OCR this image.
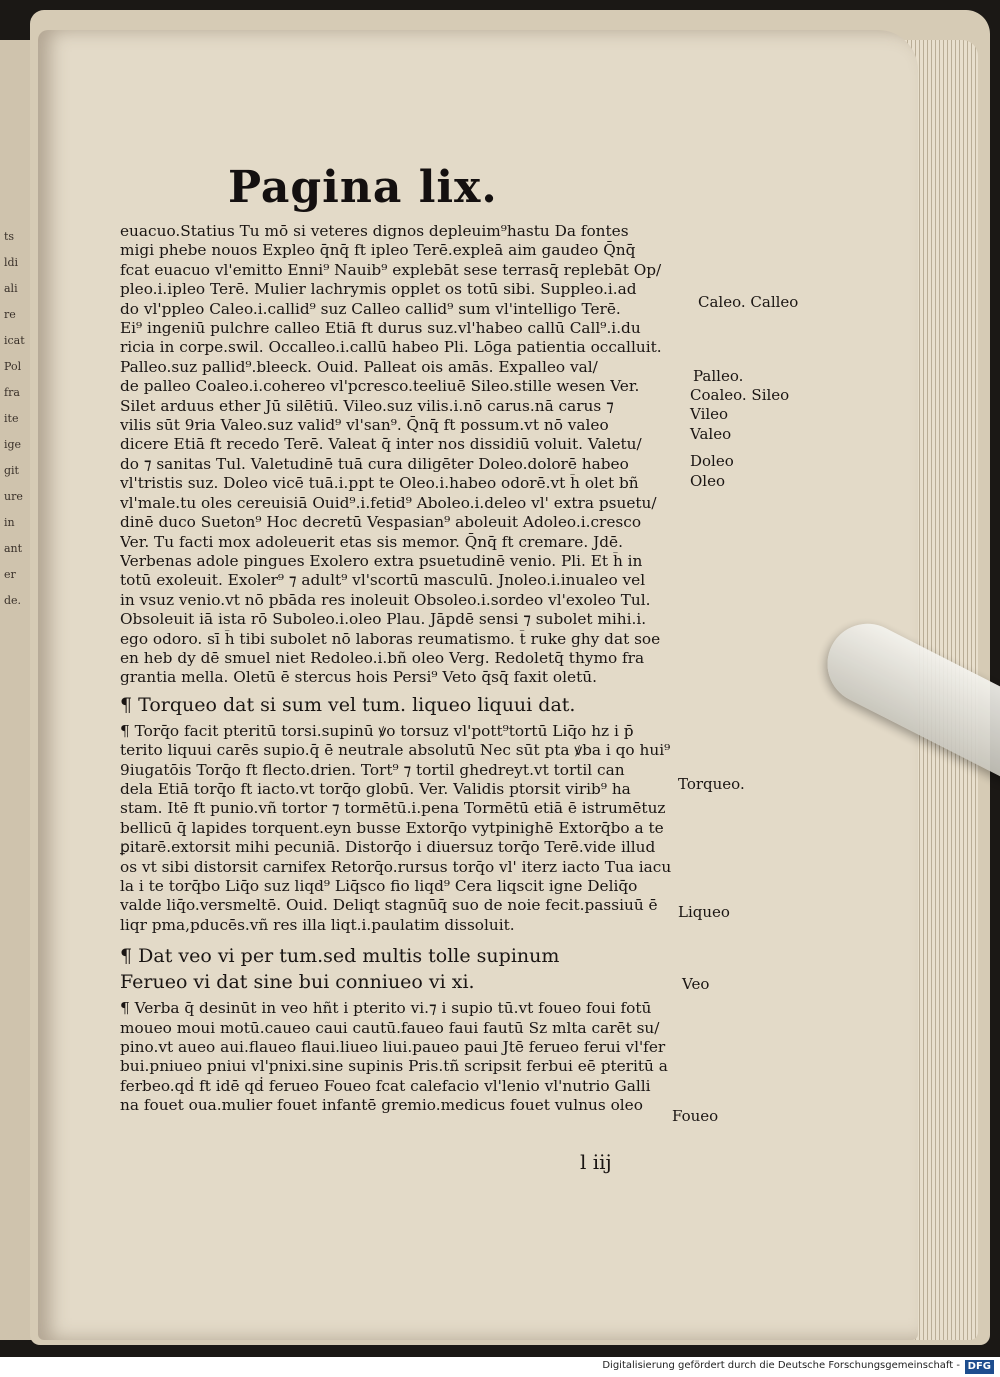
ts
ldi
ali
re
icat
Pol
fra
ite
ige
git
ure
in
ant
er
de.
Pagina lix.

euacuo.Statius Tu mō si veteres dignos depleuim⁹hastu Da fontes

migi phebe nouos Expleo q̄nq̄ ft ipleo Terē.expleā aim gaudeo Q̄nq̄

fcat euacuo vl'emitto Enni⁹ Nauib⁹ explebāt sese terrasq̄ replebāt Op/

pleo.i.ipleo Terē. Mulier lachrymis opplet os totū sibi. Suppleo.i.ad

do vl'ppleo Caleo.i.callid⁹ suz Calleo callid⁹ sum vl'intelligo Terē.

Ei⁹ ingeniū pulchre calleo Etiā ft durus suz.vl'habeo callū Call⁹.i.du

ricia in corpe.swil. Occalleo.i.callū habeo Pli. Lōga patientia occalluit.

Palleo.suz pallid⁹.bleeck. Ouid. Palleat ois amās. Expalleo val/

de palleo Coaleo.i.cohereo vl'pcresco.teeliuē Sileo.stille wesen Ver.

Silet arduus ether Jū silētiū. Vileo.suz vilis.i.nō carus.nā carus ⁊

vilis sūt 9ria Valeo.suz valid⁹ vl'san⁹. Q̄nq̄ ft possum.vt nō valeo

dicere Etiā ft recedo Terē. Valeat q̄ inter nos dissidiū voluit. Valetu/

do ⁊ sanitas Tul. Valetudinē tuā cura diligēter Doleo.dolorē habeo

vl'tristis suz. Doleo vicē tuā.i.ppt te Oleo.i.habeo odorē.vt h̄ olet bñ

vl'male.tu oles cereuisiā Ouid⁹.i.fetid⁹ Aboleo.i.deleo vl' extra psuetu/

dinē duco Sueton⁹ Hoc decretū Vespasian⁹ aboleuit Adoleo.i.cresco

Ver. Tu facti mox adoleuerit etas sis memor. Q̄nq̄ ft cremare. Jdē.

Verbenas adole pingues Exolero extra psuetudinē venio. Pli. Et h̄ in

totū exoleuit. Exoler⁹ ⁊ adult⁹ vl'scortū masculū. Jnoleo.i.inualeo vel

in vsuz venio.vt nō pbāda res inoleuit Obsoleo.i.sordeo vl'exoleo Tul.

Obsoleuit iā ista rō Suboleo.i.oleo Plau. Jāpdē sensi ⁊ subolet mihi.i.

ego odoro. sī h̄ tibi subolet nō laboras reumatismo. t̄ ruke ghy dat soe

en heb dy dē smuel niet Redoleo.i.bñ oleo Verg. Redoletq̄ thymo fra

grantia mella. Oletū ē stercus hois Persi⁹ Veto q̄sq̄ faxit oletū.

¶ Torqueo dat si sum vel tum. liqueo liquui dat.

¶ Torq̄o facit pteritū torsi.supinū ꝟo torsuz vl'pott⁹tortū Liq̄o hz i p̄

terito liquui carēs supio.q̄ ē neutrale absolutū Nec sūt pta ꝟba i qo hui⁹

9iugatōis Torq̄o ft flecto.drien. Tort⁹ ⁊ tortil ghedreyt.vt tortil can

dela Etiā torq̄o ft iacto.vt torq̄o globū. Ver. Validis ptorsit virib⁹ ha

stam. Itē ft punio.vñ tortor ⁊ tormētū.i.pena Tormētū etiā ē istrumētuz

bellicū q̄ lapides torquent.eyn busse Extorq̄o vytpinighē Extorq̄bo a te

ꝑitarē.extorsit mihi pecuniā. Distorq̄o i diuersuz torq̄o Terē.vide illud

os vt sibi distorsit carnifex Retorq̄o.rursus torq̄o vl' iterz iacto Tua iacu

la i te torq̄bo Liq̄o suz liqd⁹ Liq̄sco fio liqd⁹ Cera liqscit igne Deliq̄o

valde liq̄o.versmeltē. Ouid. Deliqt stagnūq̄ suo de noie fecit.passiuū ē

liqr pma,pducēs.vñ res illa liqt.i.paulatim dissoluit.

¶ Dat veo vi per tum.sed multis tolle supinum

Ferueo vi dat sine bui conniueo vi xi.

¶ Verba q̄ desinūt in veo hñt i pterito vi.⁊ i supio tū.vt foueo foui fotū

moueo moui motū.caueo caui cautū.faueo faui fautū Sz mlta carēt su/

pino.vt aueo aui.flaueo flaui.liueo liui.paueo paui Jtē ferueo ferui vl'fer

bui.pniueo pniui vl'pnixi.sine supinis Pris.tñ scripsit ferbui eē pteritū a

ferbeo.qḋ ft idē qḋ ferueo Foueo fcat calefacio vl'lenio vl'nutrio Galli

na fouet oua.mulier fouet infantē gremio.medicus fouet vulnus oleo

Caleo. Calleo
Palleo.
Coaleo. Sileo
Vileo
Valeo
Doleo
Oleo
Torqueo.
Liqueo
Veo
Foueo
l iij
Digitalisierung gefördert durch die Deutsche Forschungsgemeinschaft - DFG
